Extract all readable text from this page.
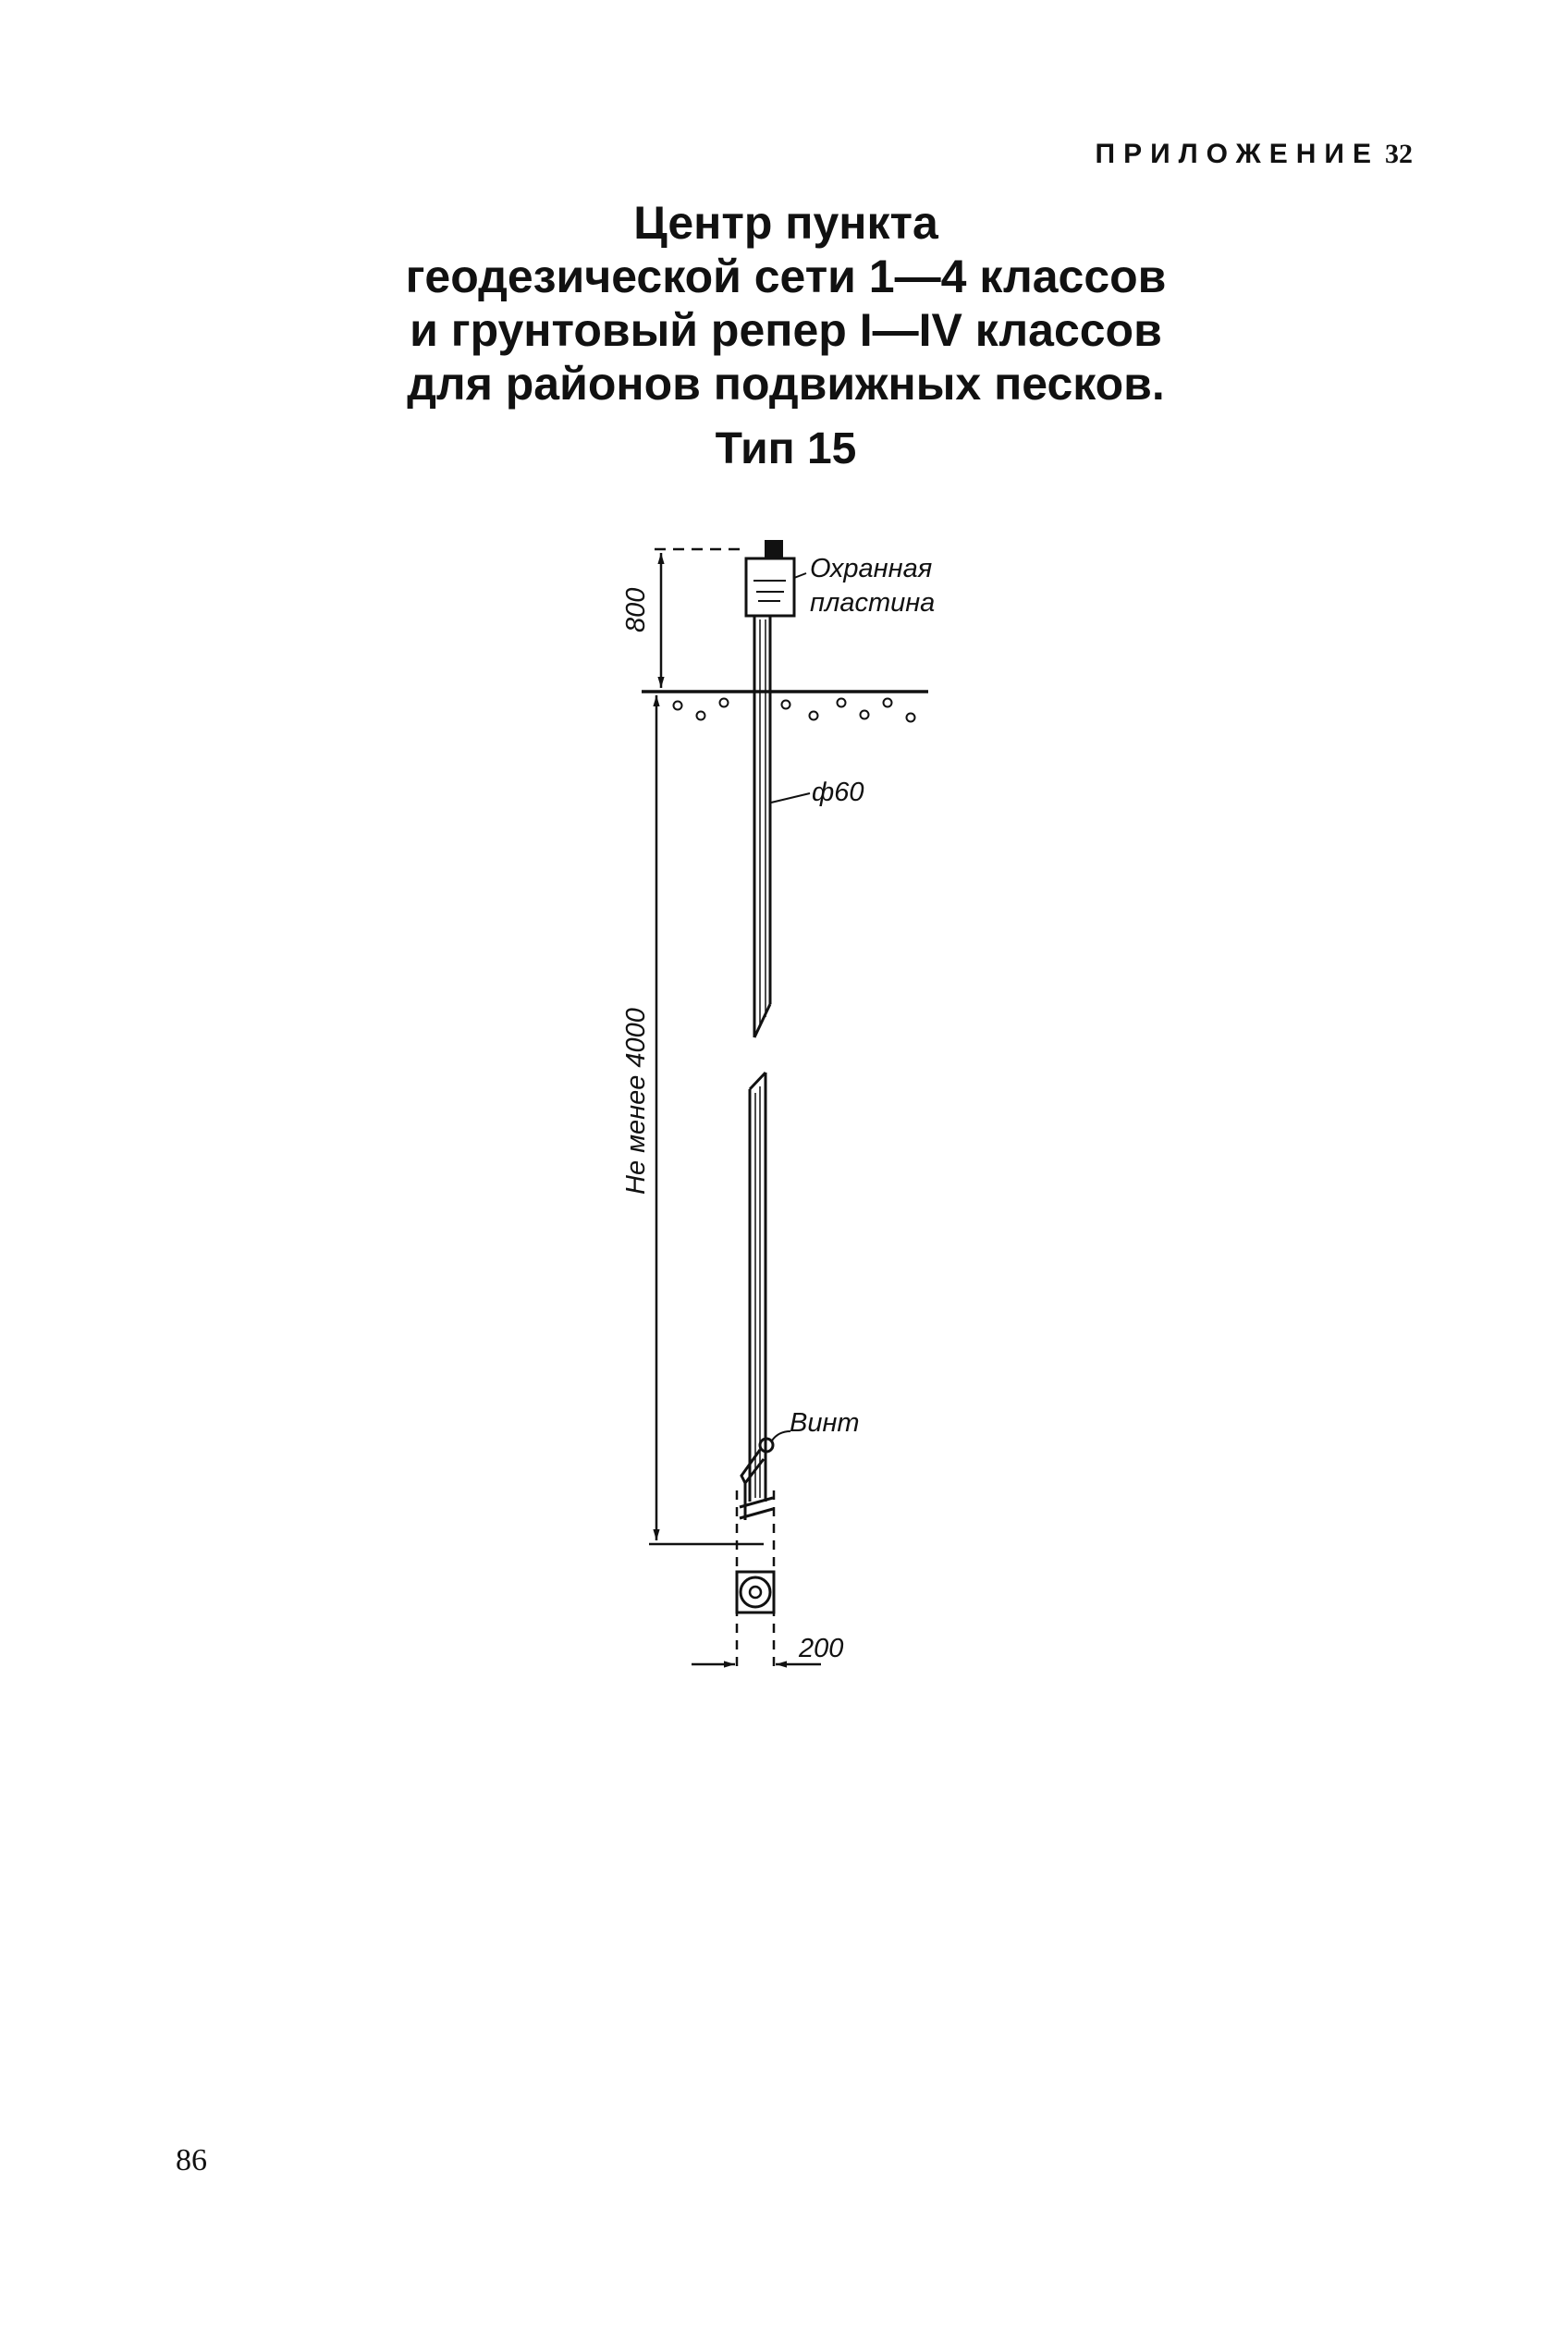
ПРИЛОЖЕНИЕ 32
Центр пункта
геодезической сети 1—4 классов
и грунтовый репер I—IV классов
для районов подвижных песков.
Тип 15
Охранная
пластина
ф60
Винт
800
Не менее 4000
200
86
